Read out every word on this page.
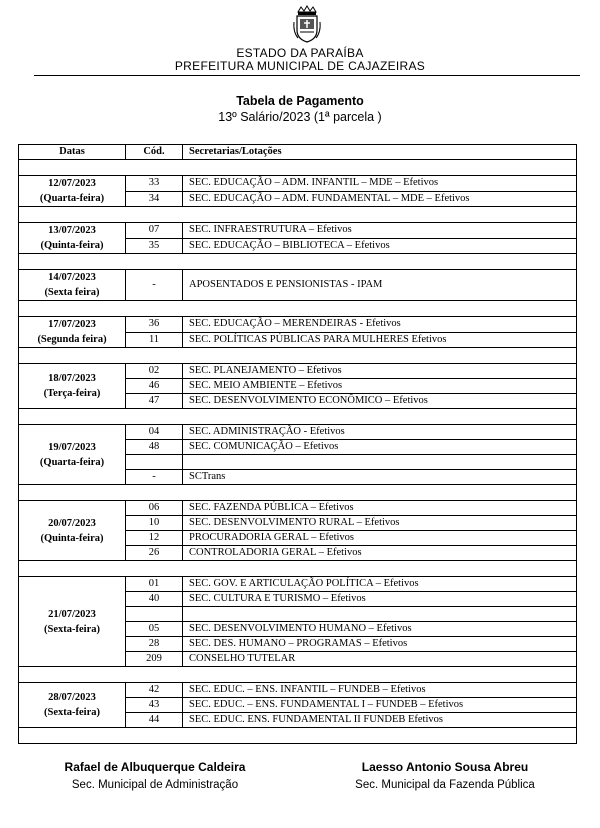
ESTADO DA PARAÍBA
PREFEITURA MUNICIPAL DE CAJAZEIRAS
Tabela de Pagamento
13º Salário/2023 (1ª parcela )
Datas	Cód.	Secretarias/Lotações

12/07/2023
(Quarta-feira)	33	SEC. EDUCAÇÃO – ADM. INFANTIL – MDE – Efetivos
	34	SEC. EDUCAÇÃO – ADM. FUNDAMENTAL – MDE – Efetivos

13/07/2023
(Quinta-feira)	07	SEC. INFRAESTRUTURA – Efetivos
	35	SEC. EDUCAÇÃO – BIBLIOTECA – Efetivos

14/07/2023
(Sexta feira)	-	APOSENTADOS E PENSIONISTAS - IPAM

17/07/2023
(Segunda feira)	36	SEC. EDUCAÇÃO – MERENDEIRAS - Efetivos
	11	SEC. POLÍTICAS PÚBLICAS PARA MULHERES Efetivos

18/07/2023
(Terça-feira)	02	SEC. PLANEJAMENTO – Efetivos
	46	SEC. MEIO AMBIENTE – Efetivos
	47	SEC. DESENVOLVIMENTO ECONÔMICO – Efetivos

19/07/2023
(Quarta-feira)	04	SEC. ADMINISTRAÇÃO - Efetivos
	48	SEC. COMUNICAÇÃO – Efetivos

	-	SCTrans

20/07/2023
(Quinta-feira)	06	SEC. FAZENDA PÚBLICA – Efetivos
	10	SEC. DESENVOLVIMENTO RURAL – Efetivos
	12	PROCURADORIA GERAL – Efetivos
	26	CONTROLADORIA GERAL – Efetivos

21/07/2023
(Sexta-feira)	01	SEC. GOV. E ARTICULAÇÃO POLÍTICA – Efetivos
	40	SEC. CULTURA E TURISMO – Efetivos

	05	SEC. DESENVOLVIMENTO HUMANO – Efetivos
	28	SEC. DES. HUMANO – PROGRAMAS – Efetivos
	209	CONSELHO TUTELAR

28/07/2023
(Sexta-feira)	42	SEC. EDUC. – ENS. INFANTIL – FUNDEB – Efetivos
	43	SEC. EDUC. – ENS. FUNDAMENTAL I – FUNDEB – Efetivos
	44	SEC. EDUC. ENS. FUNDAMENTAL II FUNDEB Efetivos

Rafael de Albuquerque Caldeira
Sec. Municipal de Administração
Laesso Antonio Sousa Abreu
Sec. Municipal da Fazenda Pública
